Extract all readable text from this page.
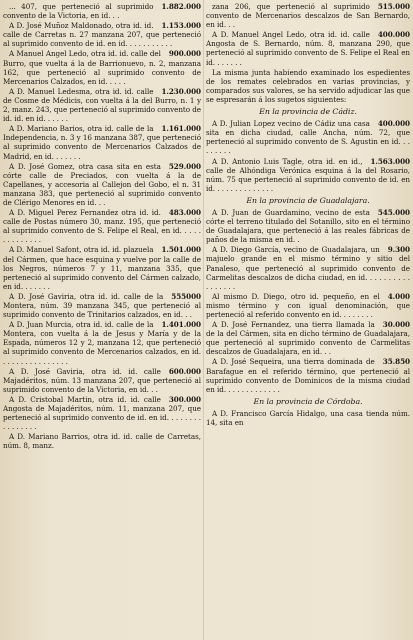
1.882.000
... 407, que perteneció al suprimido convento de la Victoria, en id. . .
1.153.000
A D. José Muñoz Maldonado, otra id. id. calle de Carretas n. 27 manzana 207, que perteneció al suprimido convento de id. en id. . . . . . . . . . .
900.000
A Manuel Angel Ledo, otra id. id. calle del Burro, que vuelta á la de Barrionuevo, n. 2, manzana 162, que perteneció al suprimido convento de Mercenarios Calzados, en id. . . . .
1.230.000
A D. Manuel Ledesma, otra id. id. calle de Cosme de Médicis, con vuelta á la del Burro, n. 1 y 2, manz. 243, que perteneció al suprimido convento de id. id. en id. . . . . .
1.161.000
A D. Mariano Barios, otra id. calle de la Independencia, n. 3 y 16 manzana 387, que perteneció al suprimido convento de Mercenarios Calzados de Madrid, en id. . . . . . .
529.000
A D. José Gomez, otra casa sita en esta córte calle de Preciados, con vuelta á la de Capellanes, y accesoria al Callejon del Gobo, el n. 31 manzana 383, que perteneció al suprimido convento de Clérigo Menores en id. . .
483.000
A D. Miguel Perez Fernandez otra id. id. calle de Postas número 30, manz. 195, que perteneció al suprimido convento de S. Felipe el Real, en id. . . . . . . . . . . . . .
1.501.000
A D. Manuel Safont, otra id. id. plazuela del Cármen, que hace esquina y vuelve por la calle de los Negros, números 7 y 11, manzana 335, que perteneció al suprimido convento del Cármen calzado, en id. . . . . . .
555000
A D. José Gaviria, otra id. id. calle de la Montera, núm. 39 manzana 345, que perteneció al suprimido convento de Trinitarios calzados, en id. . .
1.401.000
A D. Juan Murcia, otra id. id. calle de la Montera, con vuelta á la de Jesus y María y de la Espada, números 12 y 2, manzana 12, que perteneció al suprimido convento de Mercenarios calzados, en id. . . . . . . . . . . . . . . .
600.000
A D. José Gaviria, otra id. id. calle Majadéritos, núm. 13 manzana 207, que perteneció al suprimido convento de la Victoria, en id. . .
300.000
A D. Cristobal Martin, otra id. id. calle Angosta de Majadéritos, núm. 11, manzana 207, que perteneció al suprimido convento de id. en id. . . . . . . . . . . . . . . .
A D. Mariano Barrios, otra id. id. calle de Carretas, núm. 8, manz.
515.000
zana 206, que perteneció al suprimido convento de Mercenarios descalzos de San Bernardo, en id. . .
400.000
A D. Manuel Angel Ledo, otra id. id. calle Angosta de S. Bernardo, núm. 8, manzana 290, que perteneció al suprimido convento de S. Felipe el Real en id. . . . . . .
La misma junta habiendo examinado los espedientes de los remates celebrados en varias provincias, y comparados sus valores, se ha servido adjudicar las que se espresarán á los sugetos siguientes:
En la provincia de Cádiz.
400.000
A D. Julian Lopez vecino de Cádiz una casa sita en dicha ciudad, calle Ancha, núm. 72, que perteneció al suprimido convento de S. Agustin en id. . . . . . . . .
1.563.000
A D. Antonio Luis Tagle, otra id. en id., calle de Alhóndiga Verónica esquina á la del Rosario, núm. 75 que perteneció al suprimido convento de id. en id. . . . . . . . . . . . . .
En la provincia de Guadalajara.
545.000
A D. Juan de Guardamino, vecino de esta córte el terreno titulado del Sotanillo, sito en el término de Guadalajara, que perteneció á las reales fábricas de paños de la misma en id. .
9.300
A D. Diego García, vecino de Guadalajara, un majuelo grande en el mismo término y sitio del Panaleso, que perteneció al suprimido convento de Carmelitas descalzos de dicha ciudad, en id. . . . . . . . . . . . . . . . .
4.000
Al mismo D. Diego, otro id. pequeño, en el mismo término y con igual denominación, que perteneció al referido convento en id. . . . . . . .
30.000
A D. José Fernandez, una tierra llamada la de la del Cármen, sita en dicho término de Guadalajara, que perteneció al suprimido convento de Carmelitas descalzos de Guadalajara, en id. . .
35.850
A D. José Sequeira, una tierra dominada de Barafague en el referido término, que perteneció al suprimido convento de Dominicos de la misma ciudad en id. . . . . . . . . . . . .
En la provincia de Córdoba.
A D. Francisco García Hidalgo, una casa tienda núm. 14, sita en
